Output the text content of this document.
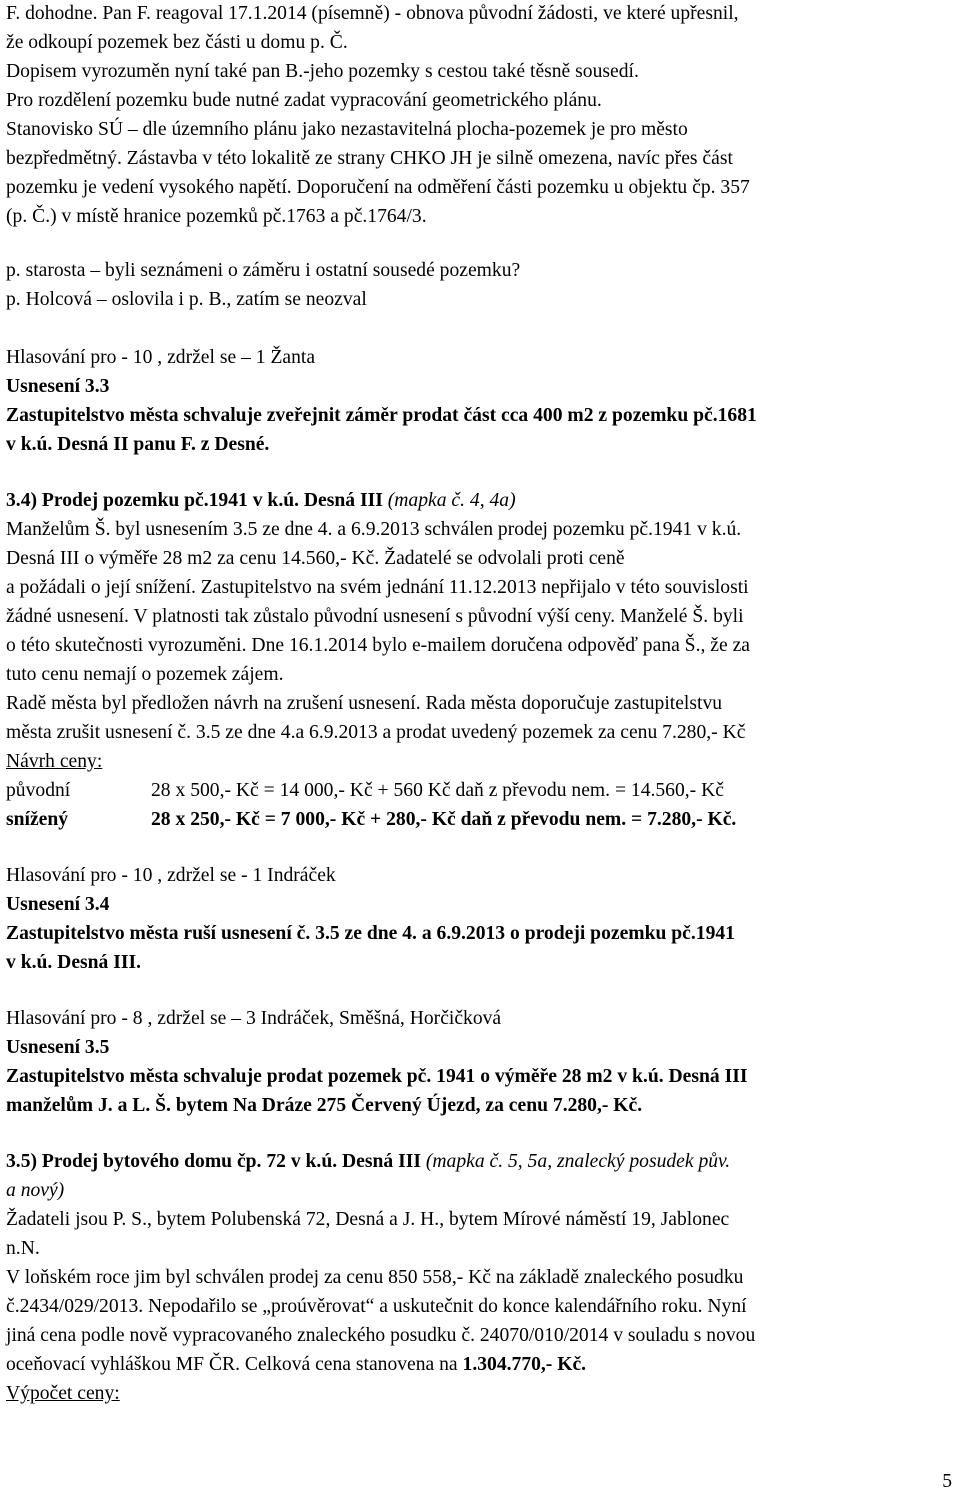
F. dohodne. Pan F. reagoval 17.1.2014 (písemně) - obnova původní žádosti, ve které upřesnil,
že odkoupí pozemek bez části u domu p. Č.
Dopisem vyrozuměn nyní také pan B.-jeho pozemky s cestou také těsně sousedí.
Pro rozdělení pozemku bude nutné zadat vypracování geometrického plánu.
Stanovisko SÚ – dle územního plánu jako nezastavitelná plocha-pozemek je pro město
bezpředmětný. Zástavba v této lokalitě ze strany CHKO JH je silně omezena, navíc přes část
pozemku je vedení vysokého napětí. Doporučení na odměření části pozemku u objektu čp. 357
(p. Č.) v místě hranice pozemků pč.1763 a pč.1764/3.
p. starosta – byli seznámeni o záměru i ostatní sousedé pozemku?
p. Holcová – oslovila i p. B., zatím se neozval
Hlasování pro - 10 , zdržel se – 1 Žanta
Usnesení 3.3
Zastupitelstvo města schvaluje zveřejnit záměr prodat část cca 400 m2 z pozemku pč.1681
v k.ú. Desná II panu F. z Desné.
3.4) Prodej pozemku pč.1941 v k.ú. Desná III (mapka č. 4, 4a)
Manželům Š. byl usnesením 3.5 ze dne 4. a 6.9.2013 schválen prodej pozemku pč.1941 v k.ú.
Desná III o výměře 28 m2 za cenu 14.560,- Kč. Žadatelé se odvolali proti ceně
a požádali o její snížení. Zastupitelstvo na svém jednání 11.12.2013 nepřijalo v této souvislosti
žádné usnesení. V platnosti tak zůstalo původní usnesení s původní výší ceny. Manželé Š. byli
o této skutečnosti vyrozuměni. Dne 16.1.2014 bylo e-mailem doručena odpověď pana Š., že za
tuto cenu nemají o pozemek zájem.
Radě města byl předložen návrh na zrušení usnesení. Rada města doporučuje zastupitelstvu
města zrušit usnesení č. 3.5 ze dne 4.a 6.9.2013 a prodat uvedený pozemek za cenu 7.280,- Kč
Návrh ceny:
původní	28 x 500,- Kč = 14 000,- Kč + 560 Kč daň z převodu nem. = 14.560,- Kč
snížený	28 x 250,- Kč = 7 000,- Kč + 280,- Kč daň z převodu nem. = 7.280,- Kč.
Hlasování pro - 10 , zdržel se - 1 Indráček
Usnesení 3.4
Zastupitelstvo města ruší usnesení č. 3.5 ze dne 4. a 6.9.2013 o prodeji pozemku pč.1941
v k.ú. Desná III.
Hlasování pro - 8 , zdržel se – 3 Indráček, Směšná, Horčičková
Usnesení 3.5
Zastupitelstvo města schvaluje prodat pozemek pč. 1941 o výměře 28 m2 v k.ú. Desná III
manželům J. a L. Š. bytem Na Dráze 275 Červený Újezd, za cenu 7.280,- Kč.
3.5) Prodej bytového domu čp. 72 v k.ú. Desná III (mapka č. 5, 5a, znalecký posudek pův.
a nový)
Žadateli jsou P. S., bytem Polubenská 72, Desná a J. H., bytem Mírové náměstí 19, Jablonec
n.N.
V loňském roce jim byl schválen prodej za cenu 850 558,- Kč na základě znaleckého posudku
č.2434/029/2013. Nepodařilo se „proúvěrovat“ a uskutečnit do konce kalendářního roku. Nyní
jiná cena podle nově vypracovaného znaleckého posudku č. 24070/010/2014 v souladu s novou
oceňovací vyhláškou MF ČR. Celková cena stanovena na 1.304.770,- Kč.
Výpočet ceny:
5
